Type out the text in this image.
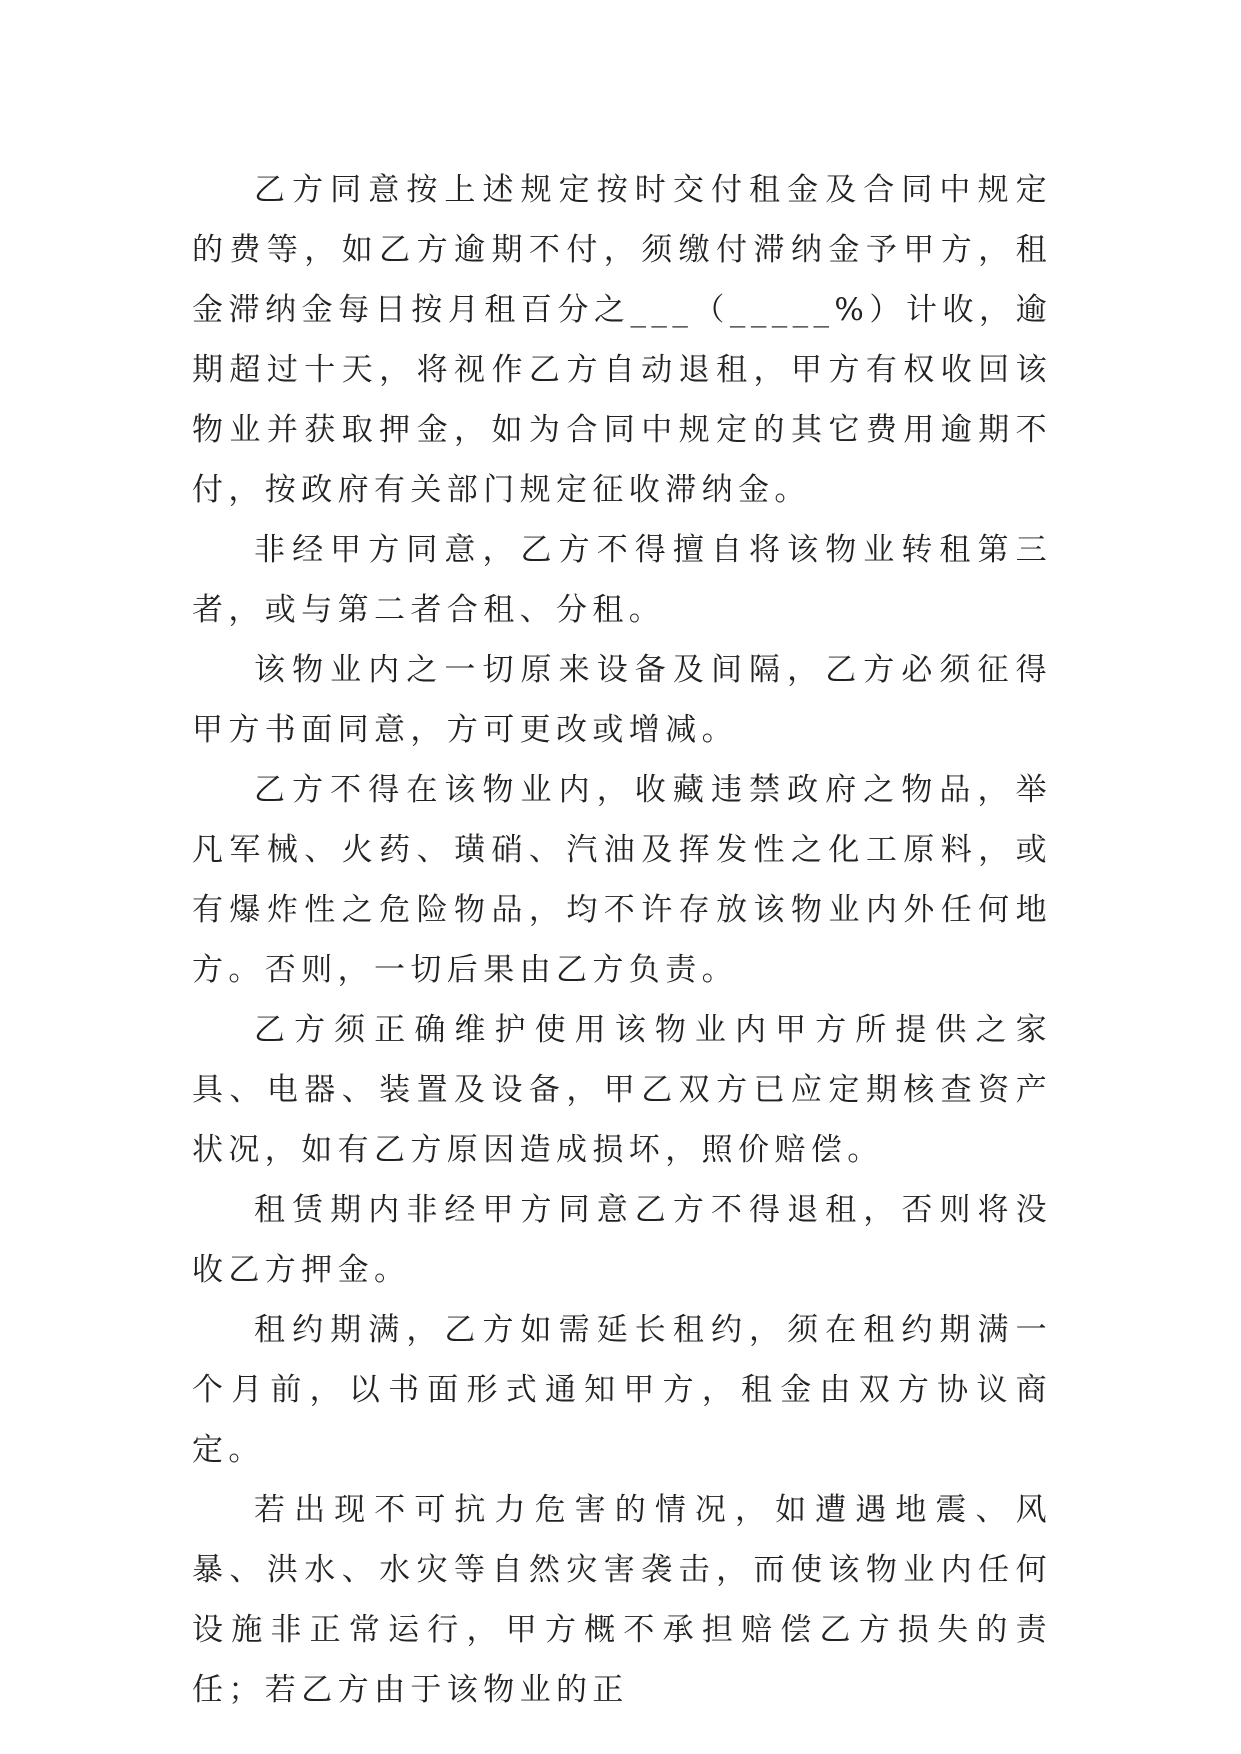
乙方同意按上述规定按时交付租金及合同中规定的费等，如乙方逾期不付，须缴付滞纳金予甲方，租金滞纳金每日按月租百分之___（_____%）计收，逾期超过十天，将视作乙方自动退租，甲方有权收回该物业并获取押金，如为合同中规定的其它费用逾期不付，按政府有关部门规定征收滞纳金。

非经甲方同意，乙方不得擅自将该物业转租第三者，或与第二者合租、分租。

该物业内之一切原来设备及间隔，乙方必须征得甲方书面同意，方可更改或增减。

乙方不得在该物业内，收藏违禁政府之物品，举凡军械、火药、璜硝、汽油及挥发性之化工原料，或有爆炸性之危险物品，均不许存放该物业内外任何地方。否则，一切后果由乙方负责。

乙方须正确维护使用该物业内甲方所提供之家具、电器、装置及设备，甲乙双方已应定期核查资产状况，如有乙方原因造成损坏，照价赔偿。

租赁期内非经甲方同意乙方不得退租，否则将没收乙方押金。

租约期满，乙方如需延长租约，须在租约期满一个月前，以书面形式通知甲方，租金由双方协议商定。

若出现不可抗力危害的情况，如遭遇地震、风暴、洪水、水灾等自然灾害袭击，而使该物业内任何设施非正常运行，甲方概不承担赔偿乙方损失的责任；若乙方由于该物业的正
